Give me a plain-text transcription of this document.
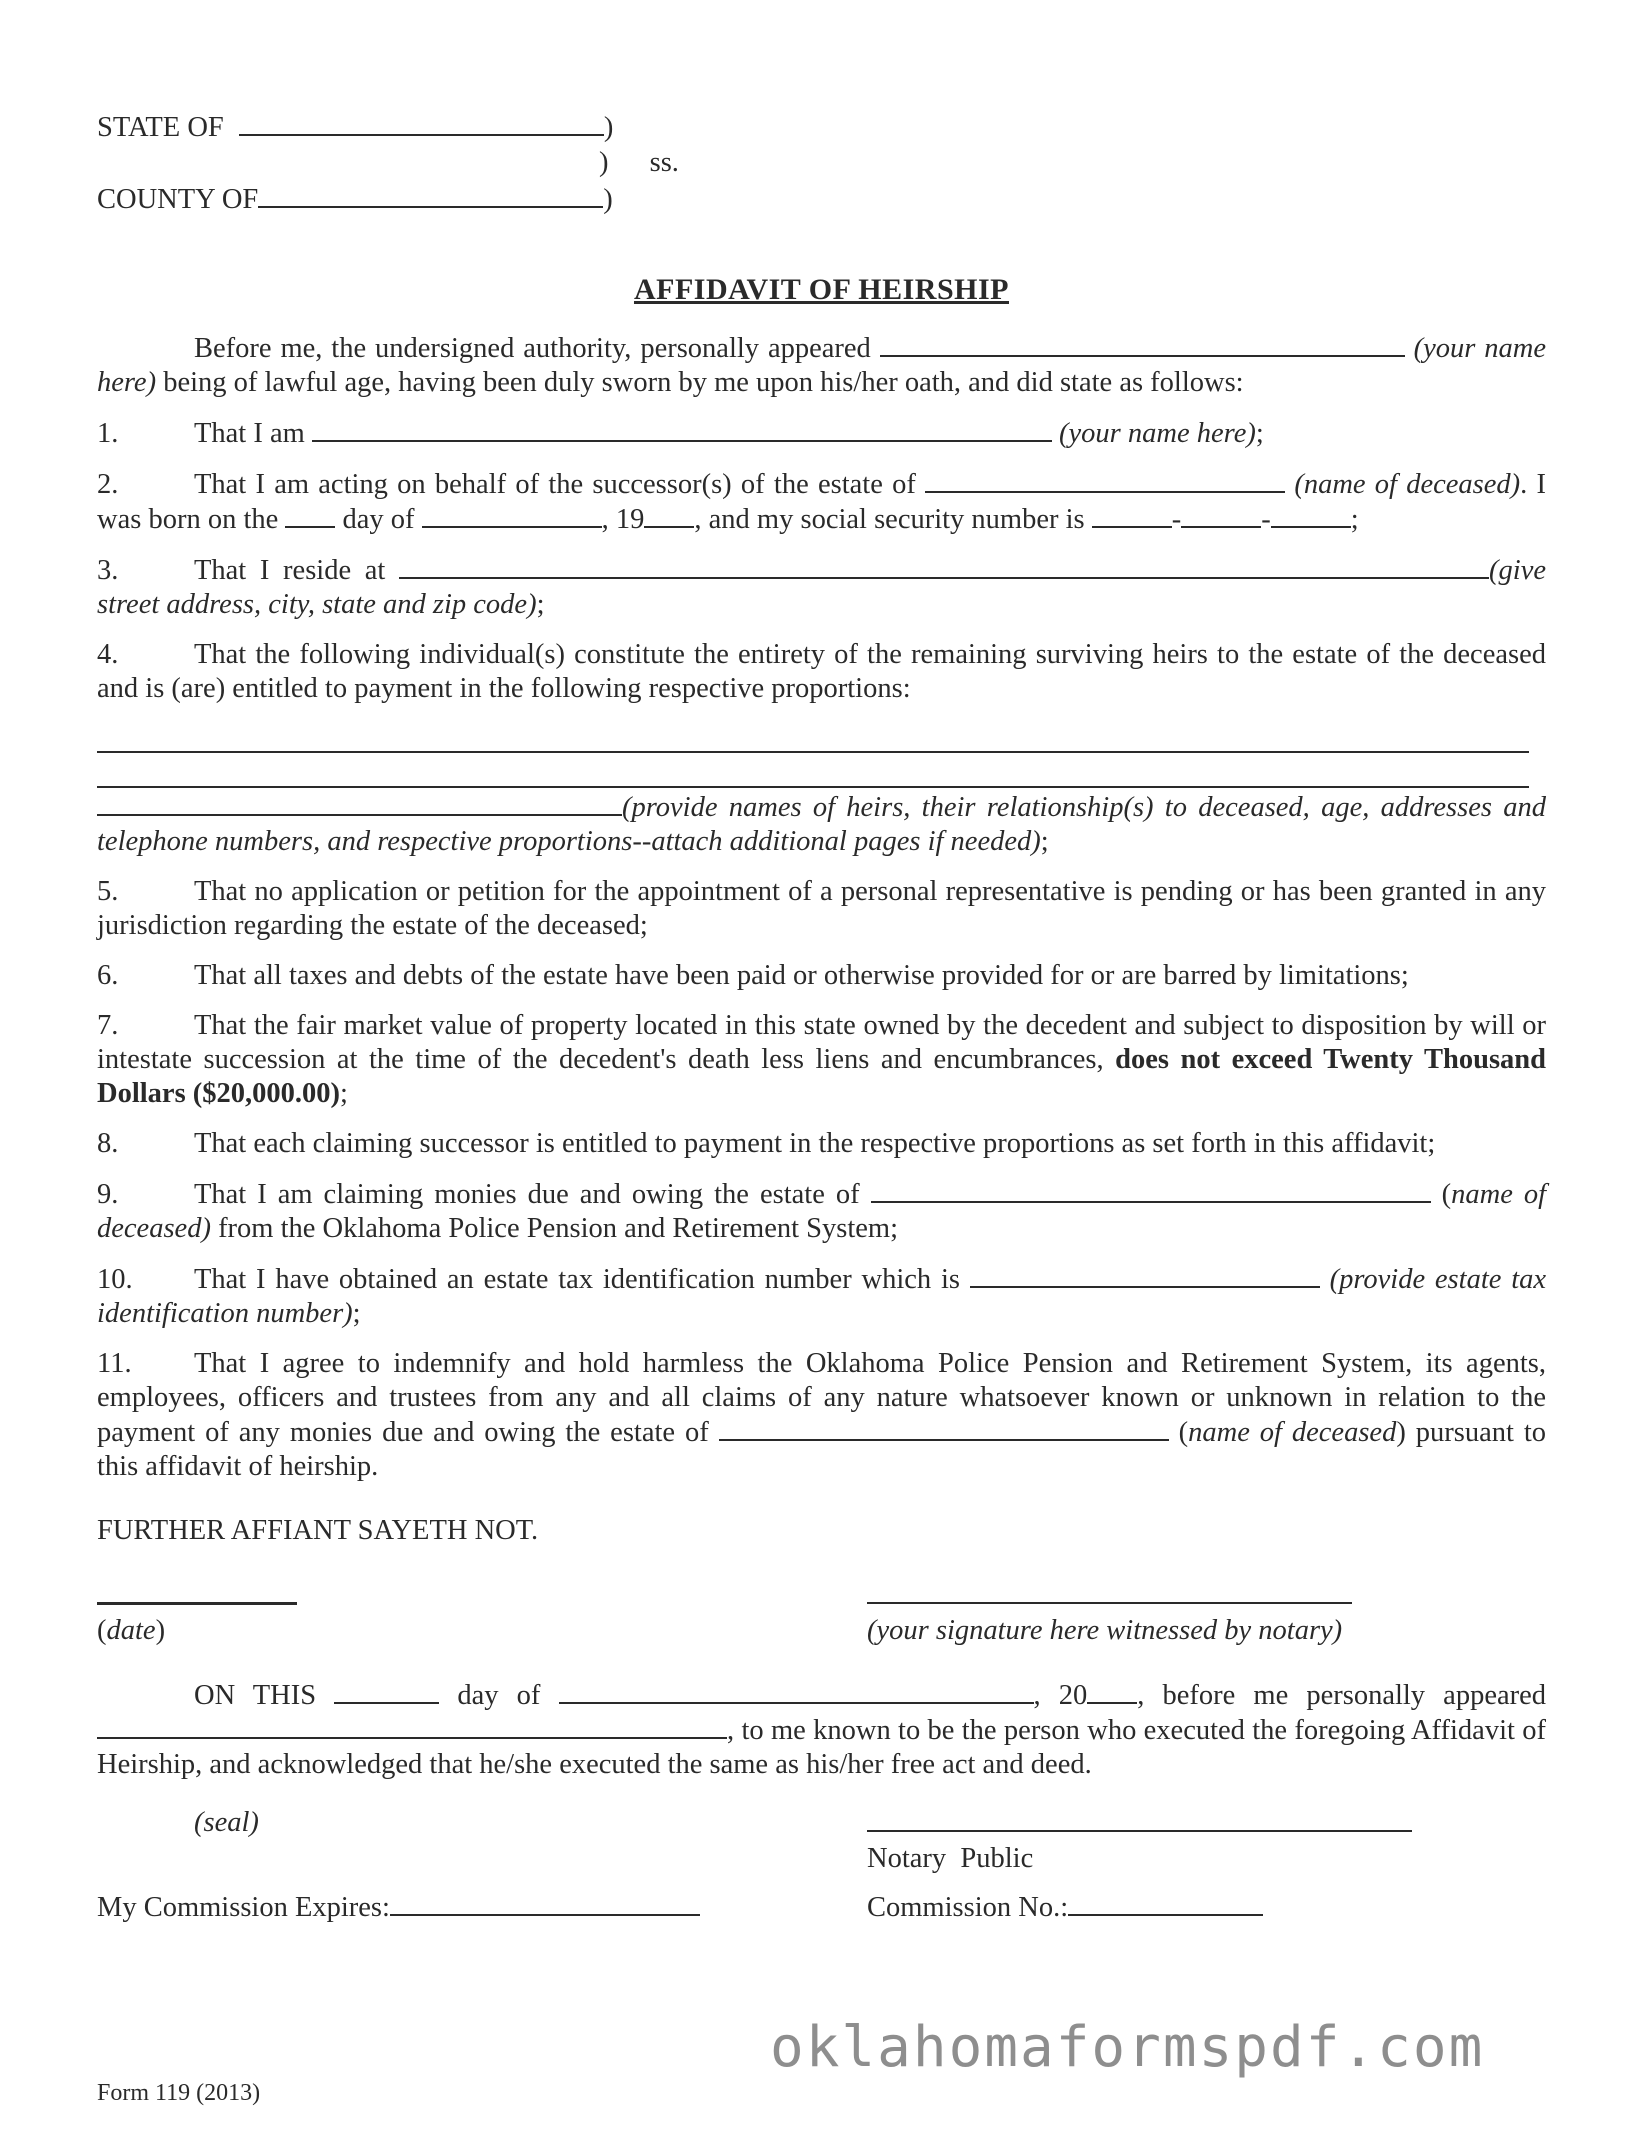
STATE OF	)
) ss.
COUNTY OF	)
AFFIDAVIT OF HEIRSHIP

Before me, the undersigned authority, personally appeared	(your name here) being of lawful age, having been duly sworn by me upon his/her oath, and did state as follows:

1.	That I am	(your name here);

2.	That I am acting on behalf of the successor(s) of the estate of	(name of deceased). I was born on the day of	, 19 , and my social security number is	-	-	;

3.	That I reside at	(give street address, city, state and zip code);

4.	That the following individual(s) constitute the entirety of the remaining surviving heirs to the estate of the deceased and is (are) entitled to payment in the following respective proportions:

(provide names of heirs, their relationship(s) to deceased, age, addresses and telephone numbers, and respective proportions--attach additional pages if needed);

5.	That no application or petition for the appointment of a personal representative is pending or has been granted in any jurisdiction regarding the estate of the deceased;

6.	That all taxes and debts of the estate have been paid or otherwise provided for or are barred by limitations;

7.	That the fair market value of property located in this state owned by the decedent and subject to disposition by will or intestate succession at the time of the decedent's death less liens and encumbrances, does not exceed Twenty Thousand Dollars ($20,000.00);

8.	That each claiming successor is entitled to payment in the respective proportions as set forth in this affidavit;

9.	That I am claiming monies due and owing the estate of	(name of deceased) from the Oklahoma Police Pension and Retirement System;

10. That I have obtained an estate tax identification number which is	(provide estate tax identification number);

11. That I agree to indemnify and hold harmless the Oklahoma Police Pension and Retirement System, its agents, employees, officers and trustees from any and all claims of any nature whatsoever known or unknown in relation to the payment of any monies due and owing the estate of	(name of deceased) pursuant to this affidavit of heirship.

FURTHER AFFIANT SAYETH NOT.

(date)	(your signature here witnessed by notary)

ON THIS	day of	, 20 , before me personally appeared , to me known to be the person who executed the foregoing Affidavit of Heirship, and acknowledged that he/she executed the same as his/her free act and deed.

(seal)
Notary  Public
My Commission Expires:	Commission No.:
oklahomaformspdf.com
Form 119 (2013)
